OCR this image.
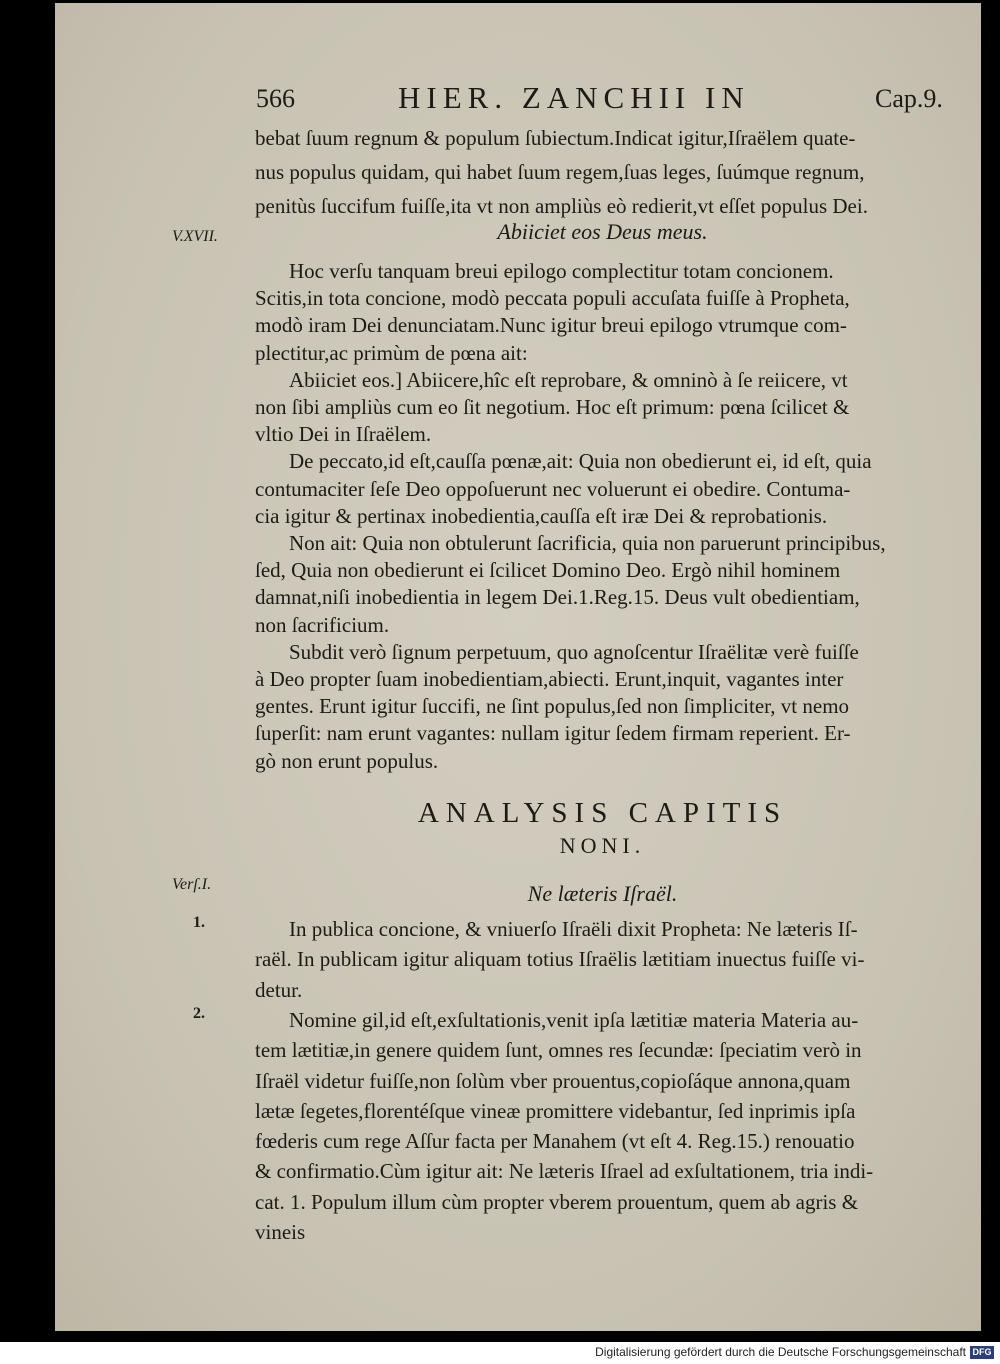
566	HIER. ZANCHII IN	Cap.9.
bebat ſuum regnum & populum ſubiectum.Indicat igitur,Iſraëlem quate-
nus populus quidam, qui habet ſuum regem,ſuas leges, ſuúmque regnum,
penitùs ſuccifum fuiſſe,ita vt non ampliùs eò redierit,vt eſſet populus Dei.
V.XVII.
Verſ.I.
1.
2.
Abiiciet eos Deus meus.
Hoc verſu tanquam breui epilogo complectitur totam concionem.
Scitis,in tota concione, modò peccata populi accuſata fuiſſe à Propheta,
modò iram Dei denunciatam.Nunc igitur breui epilogo vtrumque com-
plectitur,ac primùm de pœna ait:
Abiiciet eos.] Abiicere,hîc eſt reprobare, & omninò à ſe reiicere, vt
non ſibi ampliùs cum eo ſit negotium. Hoc eſt primum: pœna ſcilicet &
vltio Dei in Iſraëlem.
De peccato,id eſt,cauſſa pœnæ,ait: Quia non obedierunt ei, id eſt, quia
contumaciter ſeſe Deo oppoſuerunt nec voluerunt ei obedire. Contuma-
cia igitur & pertinax inobedientia,cauſſa eſt iræ Dei & reprobationis.
Non ait: Quia non obtulerunt ſacrificia, quia non paruerunt principibus,
ſed, Quia non obedierunt ei ſcilicet Domino Deo. Ergò nihil hominem
damnat,niſi inobedientia in legem Dei.1.Reg.15. Deus vult obedientiam,
non ſacrificium.
Subdit verò ſignum perpetuum, quo agnoſcentur Iſraëlitæ verè fuiſſe
à Deo propter ſuam inobedientiam,abiecti. Erunt,inquit, vagantes inter
gentes. Erunt igitur ſuccifi, ne ſint populus,ſed non ſimpliciter, vt nemo
ſuperſit: nam erunt vagantes: nullam igitur ſedem firmam reperient. Er-
gò non erunt populus.
ANALYSIS CAPITIS
NONI.
Ne læteris Iſraël.
In publica concione, & vniuerſo Iſraëli dixit Propheta: Ne læteris Iſ-
raël. In publicam igitur aliquam totius Iſraëlis lætitiam inuectus fuiſſe vi-
detur.
Nomine gil,id eſt,exſultationis,venit ipſa lætitiæ materia Materia au-
tem lætitiæ,in genere quidem ſunt, omnes res ſecundæ: ſpeciatim verò in
Iſraël videtur fuiſſe,non ſolùm vber prouentus,copioſáque annona,quam
lætæ ſegetes,florentéſque vineæ promittere videbantur, ſed inprimis ipſa
fœderis cum rege Aſſur facta per Manahem (vt eſt 4. Reg.15.) renouatio
& confirmatio.Cùm igitur ait: Ne læteris Iſrael ad exſultationem, tria indi-
cat. 1. Populum illum cùm propter vberem prouentum, quem ab agris &
vineis
Digitalisierung gefördert durch die Deutsche Forschungsgemeinschaft DFG
